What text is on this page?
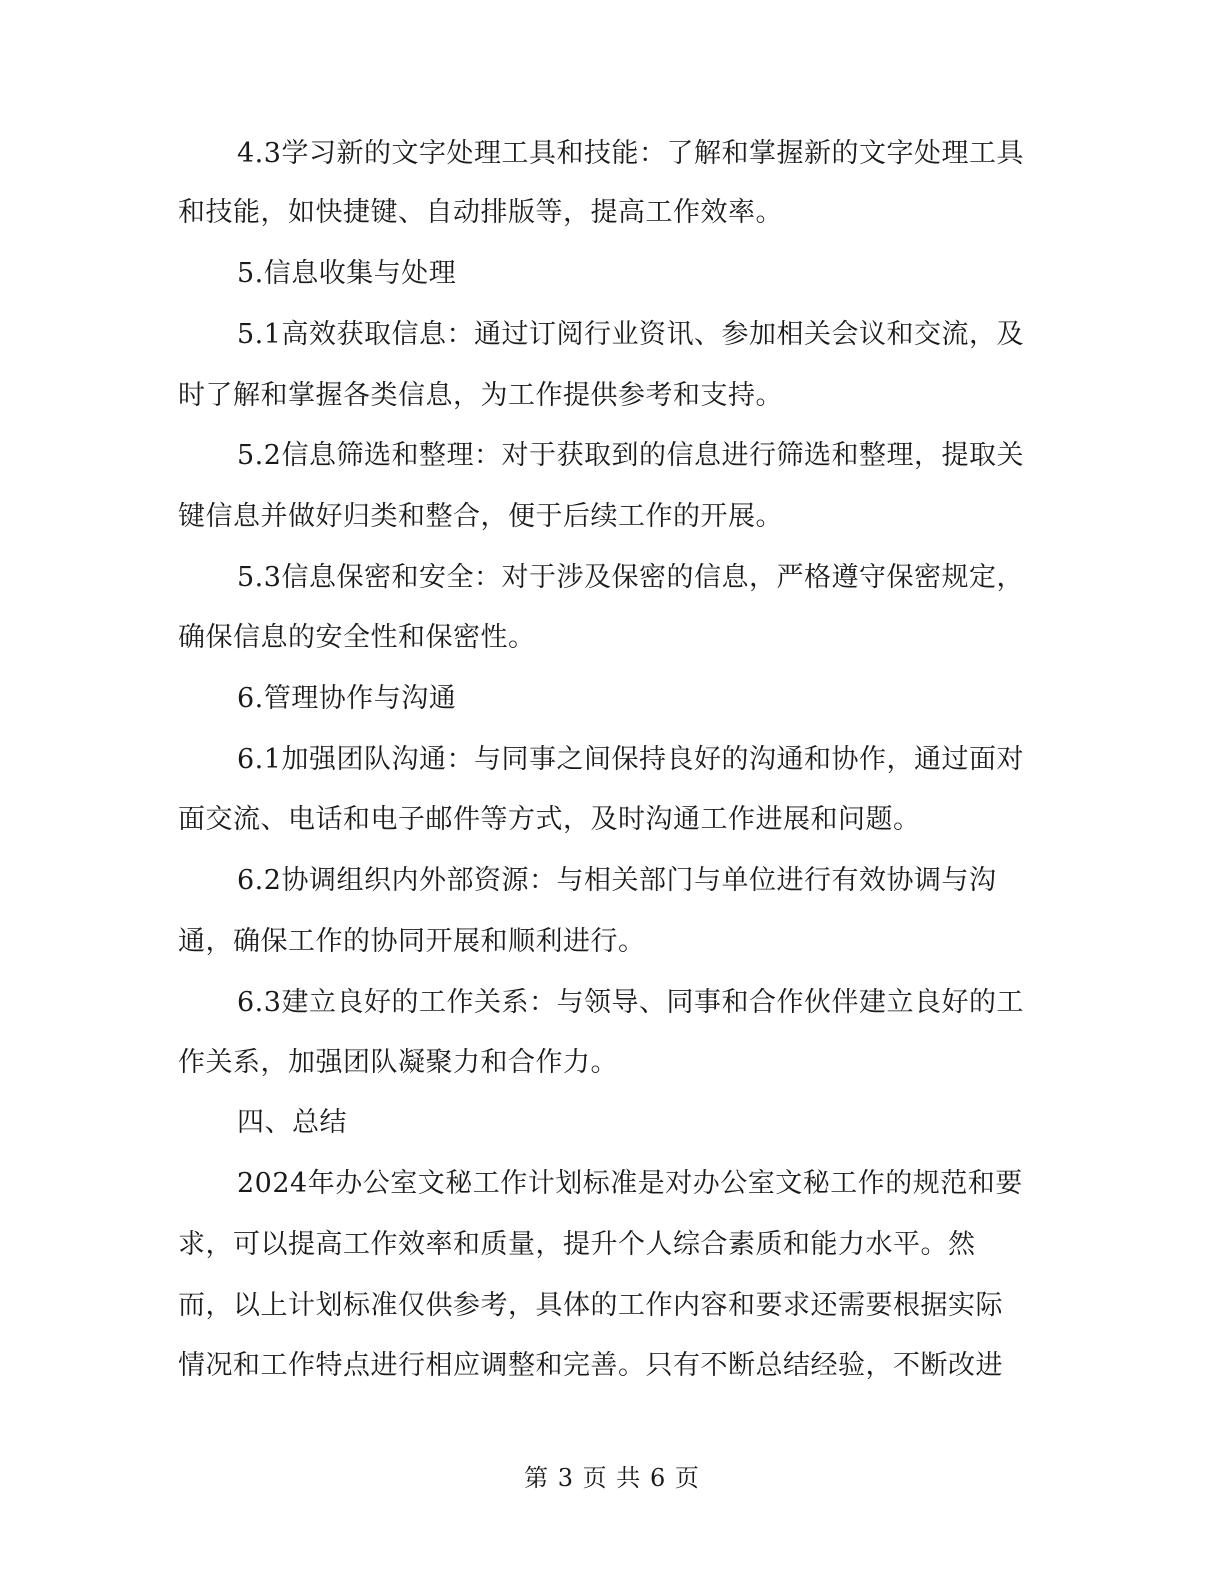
4.3学习新的文字处理工具和技能：了解和掌握新的文字处理工具
和技能，如快捷键、自动排版等，提高工作效率。
5.信息收集与处理
5.1高效获取信息：通过订阅行业资讯、参加相关会议和交流，及
时了解和掌握各类信息，为工作提供参考和支持。
5.2信息筛选和整理：对于获取到的信息进行筛选和整理，提取关
键信息并做好归类和整合，便于后续工作的开展。
5.3信息保密和安全：对于涉及保密的信息，严格遵守保密规定，
确保信息的安全性和保密性。
6.管理协作与沟通
6.1加强团队沟通：与同事之间保持良好的沟通和协作，通过面对
面交流、电话和电子邮件等方式，及时沟通工作进展和问题。
6.2协调组织内外部资源：与相关部门与单位进行有效协调与沟
通，确保工作的协同开展和顺利进行。
6.3建立良好的工作关系：与领导、同事和合作伙伴建立良好的工
作关系，加强团队凝聚力和合作力。
四、总结
2024年办公室文秘工作计划标准是对办公室文秘工作的规范和要
求，可以提高工作效率和质量，提升个人综合素质和能力水平。然
而，以上计划标准仅供参考，具体的工作内容和要求还需要根据实际
情况和工作特点进行相应调整和完善。只有不断总结经验，不断改进
第 3 页 共 6 页
